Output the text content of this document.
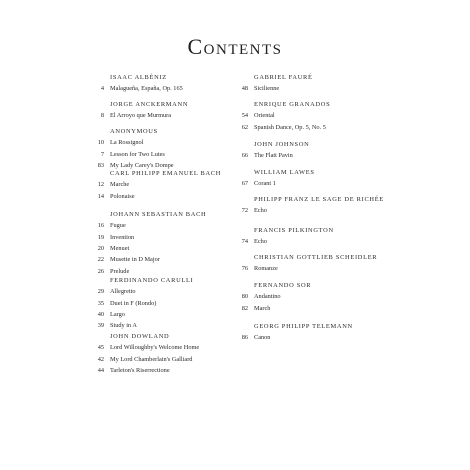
Contents
ISAAC ALBÉNIZ
4 Malagueña, España, Op. 165
JORGE ANCKERMANN
8 El Arroyo que Murmura
ANONYMOUS
10 La Rossignol
7 Lesson for Two Lutes
83 My Lady Carey's Dompe
CARL PHILIPP EMANUEL BACH
12 Marche
14 Polonaise
JOHANN SEBASTIAN BACH
16 Fugue
19 Invention
20 Menuet
22 Musette in D Major
26 Prelude
FERDINANDO CARULLI
29 Allegretto
35 Duet in F (Rondo)
40 Largo
39 Study in A
JOHN DOWLAND
45 Lord Willoughby's Welcome Home
42 My Lord Chamberlain's Galliard
44 Tarleton's Riserrectione
GABRIEL FAURÉ
48 Sicilienne
ENRIQUE GRANADOS
54 Oriental
62 Spanish Dance, Op. 5, No. 5
JOHN JOHNSON
66 The Flatt Pavin
WILLIAM LAWES
67 Corant 1
PHILIPP FRANZ LE SAGE DE RICHÉE
72 Echo
FRANCIS PILKINGTON
74 Echo
CHRISTIAN GOTTLIEB SCHEIDLER
76 Romanze
FERNANDO SOR
80 Andantino
82 March
GEORG PHILIPP TELEMANN
86 Canon
